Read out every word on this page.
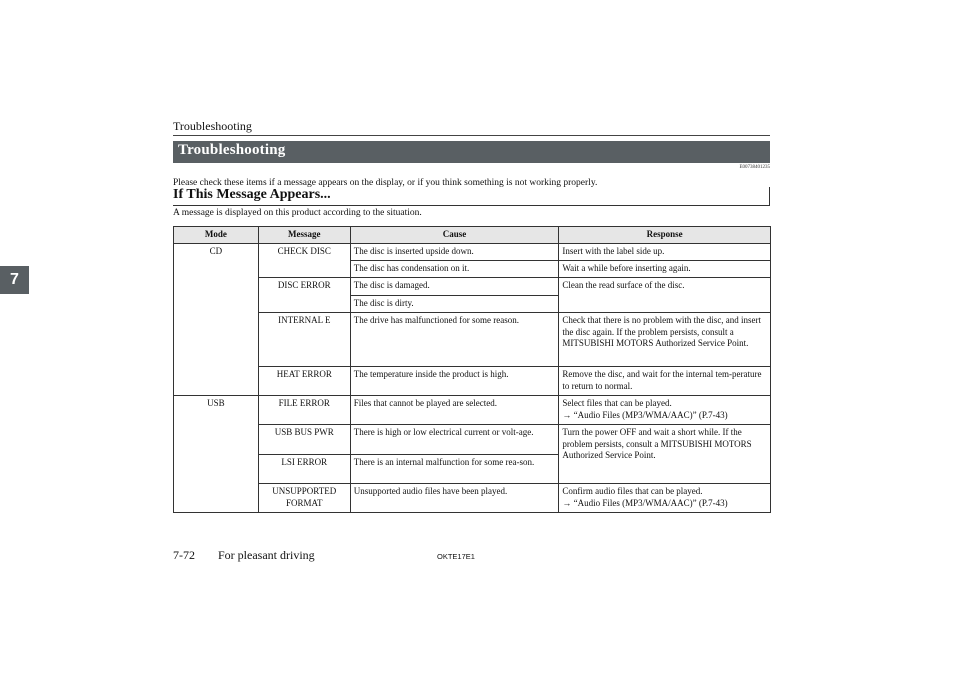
Troubleshooting
Troubleshooting
E00738401235
Please check these items if a message appears on the display, or if you think something is not working properly.
If This Message Appears...
A message is displayed on this product according to the situation.
Mode	Message	Cause	Response
CD	CHECK DISC	The disc is inserted upside down.	Insert with the label side up.
		The disc has condensation on it.	Wait a while before inserting again.
	DISC ERROR	The disc is damaged.	Clean the read surface of the disc.
		The disc is dirty.	
	INTERNAL E	The drive has malfunctioned for some reason.	Check that there is no problem with the disc, and insert the disc again. If the problem persists, consult a MITSUBISHI MOTORS Authorized Service Point.
	HEAT ERROR	The temperature inside the product is high.	Remove the disc, and wait for the internal tem-perature to return to normal.
USB	FILE ERROR	Files that cannot be played are selected.	Select files that can be played.
→ “Audio Files (MP3/WMA/AAC)” (P.7-43)

	USB BUS PWR	There is high or low electrical current or volt-age.	Turn the power OFF and wait a short while. If the problem persists, consult a MITSUBISHI MOTORS Authorized Service Point.
	LSI ERROR	There is an internal malfunction for some rea-son.	
	UNSUPPORTED FORMAT	Unsupported audio files have been played.	Confirm audio files that can be played.
→ “Audio Files (MP3/WMA/AAC)” (P.7-43)
7
7-72 For pleasant driving	OKTE17E1
